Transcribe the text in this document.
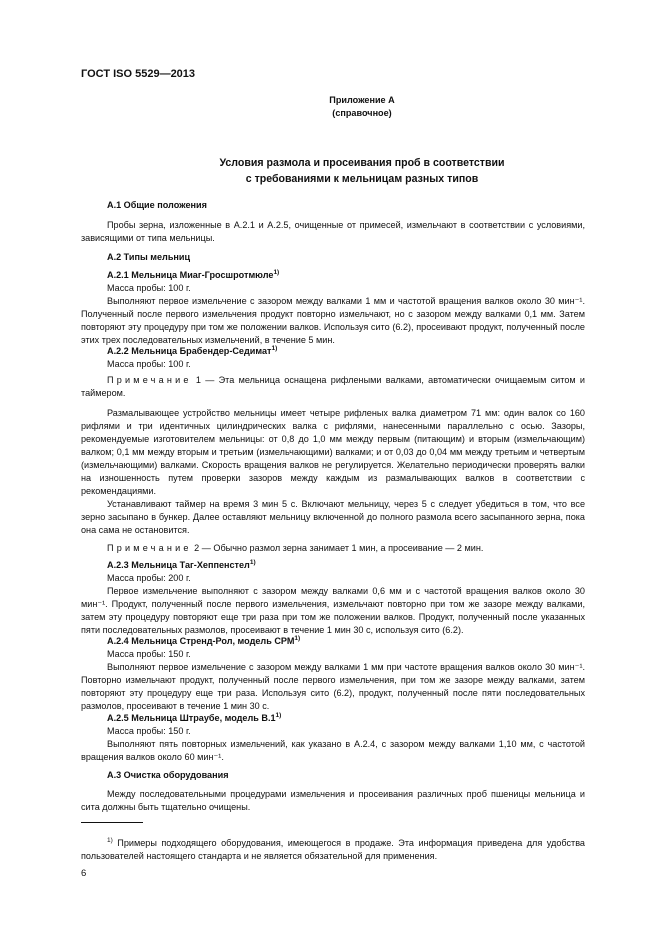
ГОСТ ISO 5529—2013
Приложение А
(справочное)
Условия размола и просеивания проб в соответствии
с требованиями к мельницам разных типов
А.1 Общие положения
Пробы зерна, изложенные в А.2.1 и А.2.5, очищенные от примесей, измельчают в соответствии с условиями, зависящими от типа мельницы.
А.2 Типы мельниц
А.2.1 Мельница Миаг-Гросшротмюле$^{1)}$
Масса пробы: 100 г.
Выполняют первое измельчение с зазором между валками 1 мм и частотой вращения валков около 30 мин⁻¹. Полученный после первого измельчения продукт повторно измельчают, но с зазором между валками 0,1 мм. Затем повторяют эту процедуру при том же положении валков. Используя сито (6.2), просеивают продукт, полученный после этих трех последовательных измельчений, в течение 5 мин.
А.2.2 Мельница Брабендер-Седимат$^{1)}$
Масса пробы: 100 г.
Примечание 1 — Эта мельница оснащена рифлеными валками, автоматически очищаемым ситом и таймером.
Размалывающее устройство мельницы имеет четыре рифленых валка диаметром 71 мм: один валок со 160 рифлями и три идентичных цилиндрических валка с рифлями, нанесенными параллельно с осью. Зазоры, рекомендуемые изготовителем мельницы: от 0,8 до 1,0 мм между первым (питающим) и вторым (измельчающим) валком; 0,1 мм между вторым и третьим (измельчающими) валками; и от 0,03 до 0,04 мм между третьим и четвертым (измельчающими) валками. Скорость вращения валков не регулируется. Желательно периодически проверять валки на изношенность путем проверки зазоров между каждым из размалывающих валков в соответствии с рекомендациями.
Устанавливают таймер на время 3 мин 5 с. Включают мельницу, через 5 с следует убедиться в том, что все зерно засыпано в бункер. Далее оставляют мельницу включенной до полного размола всего засыпанного зерна, пока она сама не остановится.
Примечание 2 — Обычно размол зерна занимает 1 мин, а просеивание — 2 мин.
А.2.3 Мельница Таг-Хеппенстел$^{1)}$
Масса пробы: 200 г.
Первое измельчение выполняют с зазором между валками 0,6 мм и с частотой вращения валков около 30 мин⁻¹. Продукт, полученный после первого измельчения, измельчают повторно при том же зазоре между валками, затем эту процедуру повторяют еще три раза при том же положении валков. Продукт, полученный после указанных пяти последовательных размолов, просеивают в течение 1 мин 30 с, используя сито (6.2).
А.2.4 Мельница Стренд-Рол, модель СРМ$^{1)}$
Масса пробы: 150 г.
Выполняют первое измельчение с зазором между валками 1 мм при частоте вращения валков около 30 мин⁻¹. Повторно измельчают продукт, полученный после первого измельчения, при том же зазоре между валками, затем повторяют эту процедуру еще три раза. Используя сито (6.2), продукт, полученный после пяти последовательных размолов, просеивают в течение 1 мин 30 с.
А.2.5 Мельница Штраубе, модель В.1$^{1)}$
Масса пробы: 150 г.
Выполняют пять повторных измельчений, как указано в А.2.4, с зазором между валками 1,10 мм, с частотой вращения валков около 60 мин⁻¹.
А.3 Очистка оборудования
Между последовательными процедурами измельчения и просеивания различных проб пшеницы мельница и сита должны быть тщательно очищены.
$^{1)}$ Примеры подходящего оборудования, имеющегося в продаже. Эта информация приведена для удобства пользователей настоящего стандарта и не является обязательной для применения.
6
